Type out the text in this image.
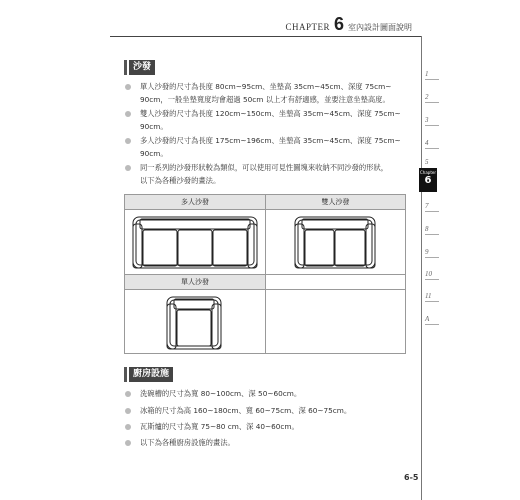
CHAPTER 6 室內設計圖面說明
1
2
3
4
5
Chapter
6
7
8
9
10
11
A
沙發
單人沙發的尺寸為長度 80cm~95cm、坐墊高 35cm~45cm、深度 75cm~
90cm，一般坐墊寬度均會超過 50cm 以上才有舒適感，並要注意坐墊高度。
雙人沙發的尺寸為長度 120cm~150cm、坐墊高 35cm~45cm、深度 75cm~
90cm。
多人沙發的尺寸為長度 175cm~196cm、坐墊高 35cm~45cm、深度 75cm~
90cm。
同一系列的沙發形狀較為類似，可以使用可見性圖塊來收納不同沙發的形狀，
以下為各種沙發的畫法。
多人沙發	雙人沙發
單人沙發
廚房設施
洗碗槽的尺寸為寬 80~100cm、深 50~60cm。
冰箱的尺寸為高 160~180cm、寬 60~75cm、深 60~75cm。
瓦斯爐的尺寸為寬 75~80 cm、深 40~60cm。
以下為各種廚房設施的畫法。
6-5
